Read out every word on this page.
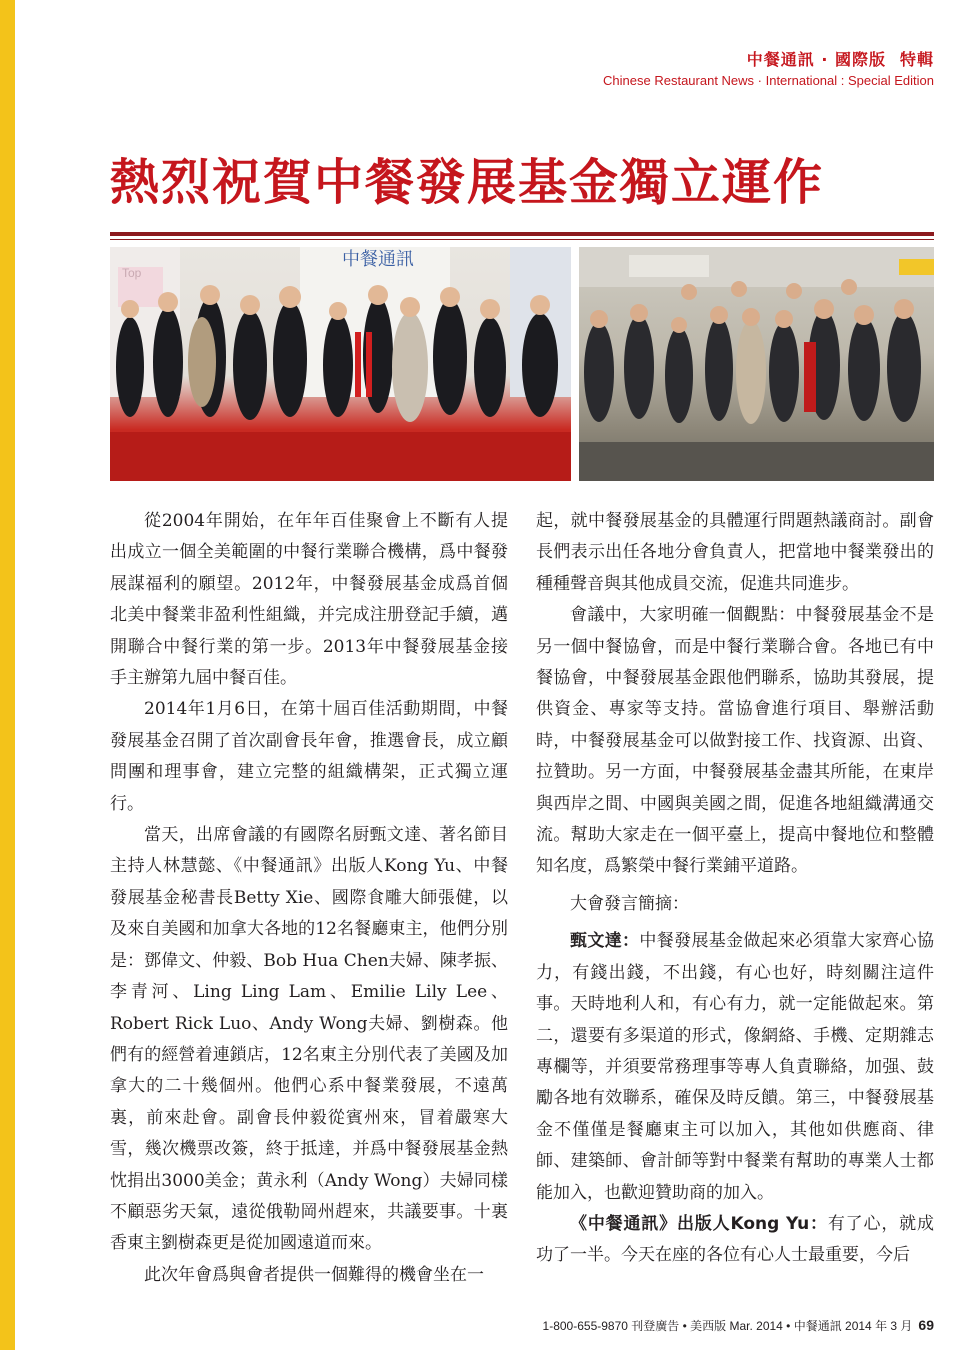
中餐通訊 · 國際版 特輯
Chinese Restaurant News · International : Special Edition
熱烈祝賀中餐發展基金獨立運作
Top
中餐通訊

從2004年開始，在年年百佳聚會上不斷有人提出成立一個全美範圍的中餐行業聯合機構，爲中餐發展謀福利的願望。2012年，中餐發展基金成爲首個北美中餐業非盈利性組織，并完成注册登記手續，邁開聯合中餐行業的第一步。2013年中餐發展基金接手主辦第九屆中餐百佳。

2014年1月6日，在第十屆百佳活動期間，中餐發展基金召開了首次副會長年會，推選會長，成立顧問團和理事會，建立完整的組織構架，正式獨立運行。

當天，出席會議的有國際名厨甄文達、著名節目主持人林慧懿、《中餐通訊》出版人Kong Yu、中餐發展基金秘書長Betty Xie、國際食雕大師張健，以及來自美國和加拿大各地的12名餐廳東主，他們分別是：鄧偉文、仲毅、Bob Hua Chen夫婦、陳孝振、李青河、Ling Ling Lam、Emilie Lily Lee、Robert Rick Luo、Andy Wong夫婦、劉樹森。他們有的經營着連鎖店，12名東主分別代表了美國及加拿大的二十幾個州。他們心系中餐業發展，不遠萬裏，前來赴會。副會長仲毅從賓州來，冒着嚴寒大雪，幾次機票改簽，終于抵達，并爲中餐發展基金熱忱捐出3000美金；黄永利（Andy Wong）夫婦同樣不顧惡劣天氣，遠從俄勒岡州趕來，共議要事。十裏香東主劉樹森更是從加國遠道而來。

此次年會爲與會者提供一個難得的機會坐在一

起，就中餐發展基金的具體運行問題熱議商討。副會長們表示出任各地分會負責人，把當地中餐業發出的種種聲音與其他成員交流，促進共同進步。

會議中，大家明確一個觀點：中餐發展基金不是另一個中餐協會，而是中餐行業聯合會。各地已有中餐協會，中餐發展基金跟他們聯系，協助其發展，提供資金、專家等支持。當協會進行項目、舉辦活動時，中餐發展基金可以做對接工作、找資源、出資、拉贊助。另一方面，中餐發展基金盡其所能，在東岸與西岸之間、中國與美國之間，促進各地組織溝通交流。幫助大家走在一個平臺上，提高中餐地位和整體知名度，爲繁榮中餐行業鋪平道路。

大會發言簡摘：

甄文達：中餐發展基金做起來必須靠大家齊心協力，有錢出錢，不出錢，有心也好，時刻關注這件事。天時地利人和，有心有力，就一定能做起來。第二，還要有多渠道的形式，像網絡、手機、定期雜志專欄等，并須要常務理事等專人負責聯絡，加强、鼓勵各地有效聯系，確保及時反饋。第三，中餐發展基金不僅僅是餐廳東主可以加入，其他如供應商、律師、建築師、會計師等對中餐業有幫助的專業人士都能加入，也歡迎贊助商的加入。

《中餐通訊》出版人Kong Yu：有了心，就成功了一半。今天在座的各位有心人士最重要，今后

1-800-655-9870 刊登廣告 • 美西版 Mar. 2014 • 中餐通訊 2014 年 3 月 69
